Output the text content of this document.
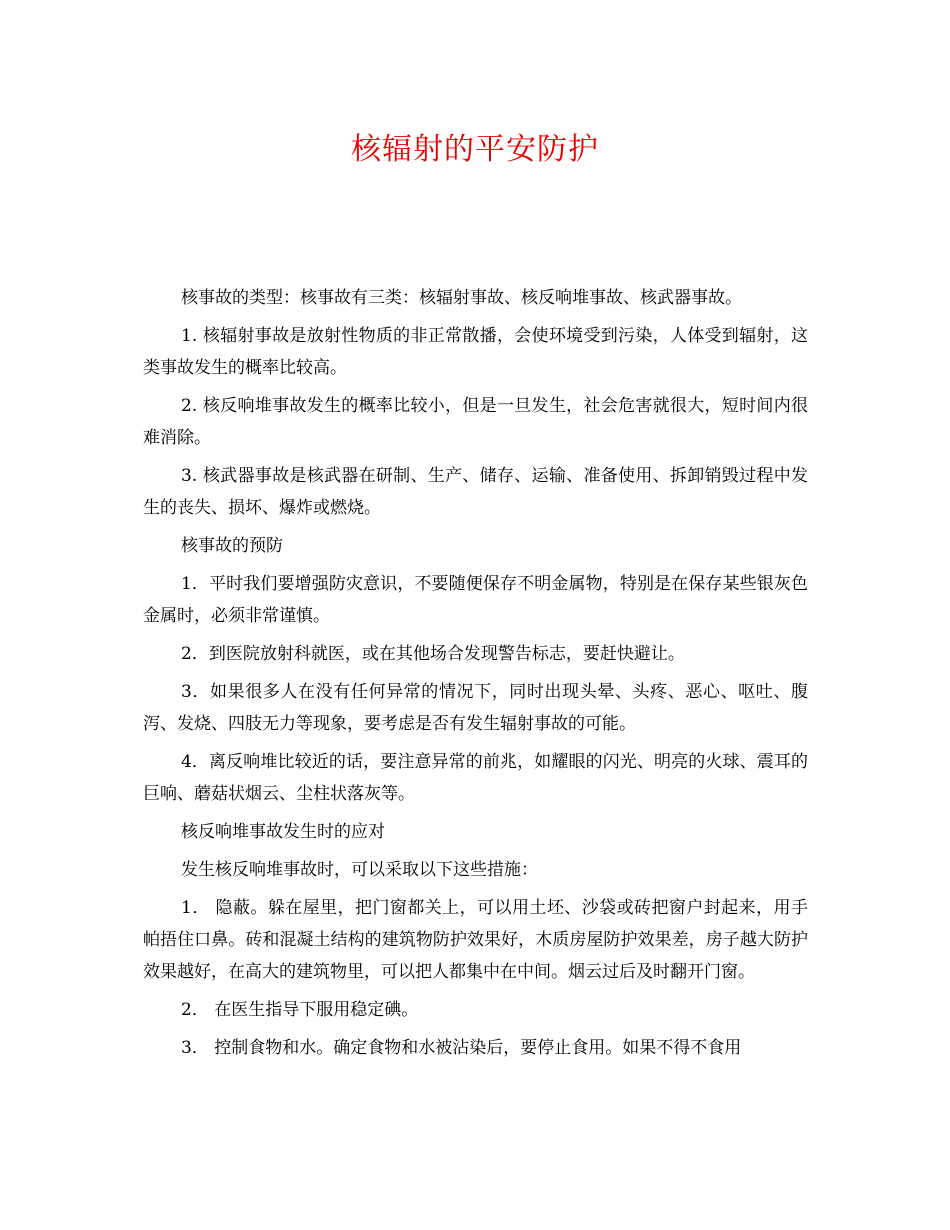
核辐射的平安防护

核事故的类型：核事故有三类：核辐射事故、核反响堆事故、核武器事故。

1. 核辐射事故是放射性物质的非正常散播，会使环境受到污染，人体受到辐射，这类事故发生的概率比较高。

2. 核反响堆事故发生的概率比较小，但是一旦发生，社会危害就很大，短时间内很难消除。

3. 核武器事故是核武器在研制、生产、储存、运输、准备使用、拆卸销毁过程中发生的丧失、损坏、爆炸或燃烧。

核事故的预防

1．平时我们要增强防灾意识，不要随便保存不明金属物，特别是在保存某些银灰色金属时，必须非常谨慎。

2．到医院放射科就医，或在其他场合发现警告标志，要赶快避让。

3．如果很多人在没有任何异常的情况下，同时出现头晕、头疼、恶心、呕吐、腹泻、发烧、四肢无力等现象，要考虑是否有发生辐射事故的可能。

4．离反响堆比较近的话，要注意异常的前兆，如耀眼的闪光、明亮的火球、震耳的巨响、蘑菇状烟云、尘柱状落灰等。

核反响堆事故发生时的应对

发生核反响堆事故时，可以采取以下这些措施：

1． 隐蔽。躲在屋里，把门窗都关上，可以用土坯、沙袋或砖把窗户封起来，用手帕捂住口鼻。砖和混凝土结构的建筑物防护效果好，木质房屋防护效果差，房子越大防护效果越好，在高大的建筑物里，可以把人都集中在中间。烟云过后及时翻开门窗。

2． 在医生指导下服用稳定碘。

3． 控制食物和水。确定食物和水被沾染后，要停止食用。如果不得不食用
